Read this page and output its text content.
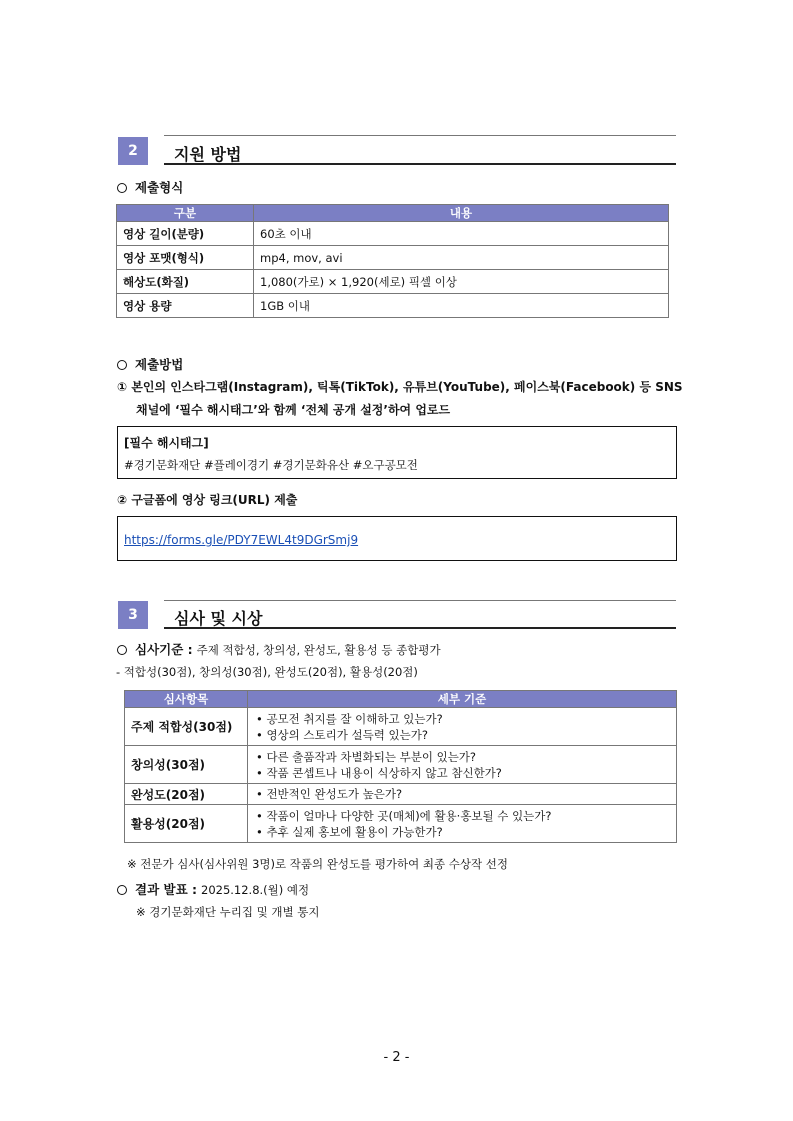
2	지원 방법
제출형식
구분	내용
영상 길이(분량)	60초 이내
영상 포맷(형식)	mp4, mov, avi
해상도(화질)	1,080(가로) × 1,920(세로) 픽셀 이상
영상 용량	1GB 이내
제출방법
① 본인의 인스타그램(Instagram), 틱톡(TikTok), 유튜브(YouTube), 페이스북(Facebook) 등 SNS
채널에 ‘필수 해시태그’와 함께 ‘전체 공개 설정’하여 업로드
[필수 해시태그]
#경기문화재단 #플레이경기 #경기문화유산 #오구공모전
② 구글폼에 영상 링크(URL) 제출
https://forms.gle/PDY7EWL4t9DGrSmj9
3	심사 및 시상
심사기준 : 주제 적합성, 창의성, 완성도, 활용성 등 종합평가
- 적합성(30점), 창의성(30점), 완성도(20점), 활용성(20점)
심사항목	세부 기준
주제 적합성(30점)	• 공모전 취지를 잘 이해하고 있는가?
• 영상의 스토리가 설득력 있는가?

창의성(30점)	• 다른 출품작과 차별화되는 부분이 있는가?
• 작품 콘셉트나 내용이 식상하지 않고 참신한가?

완성도(20점)	• 전반적인 완성도가 높은가?

활용성(20점)	• 작품이 얼마나 다양한 곳(매체)에 활용·홍보될 수 있는가?
• 추후 실제 홍보에 활용이 가능한가?
※ 전문가 심사(심사위원 3명)로 작품의 완성도를 평가하여 최종 수상작 선정
결과 발표 : 2025.12.8.(월) 예정
※ 경기문화재단 누리집 및 개별 통지
- 2 -
